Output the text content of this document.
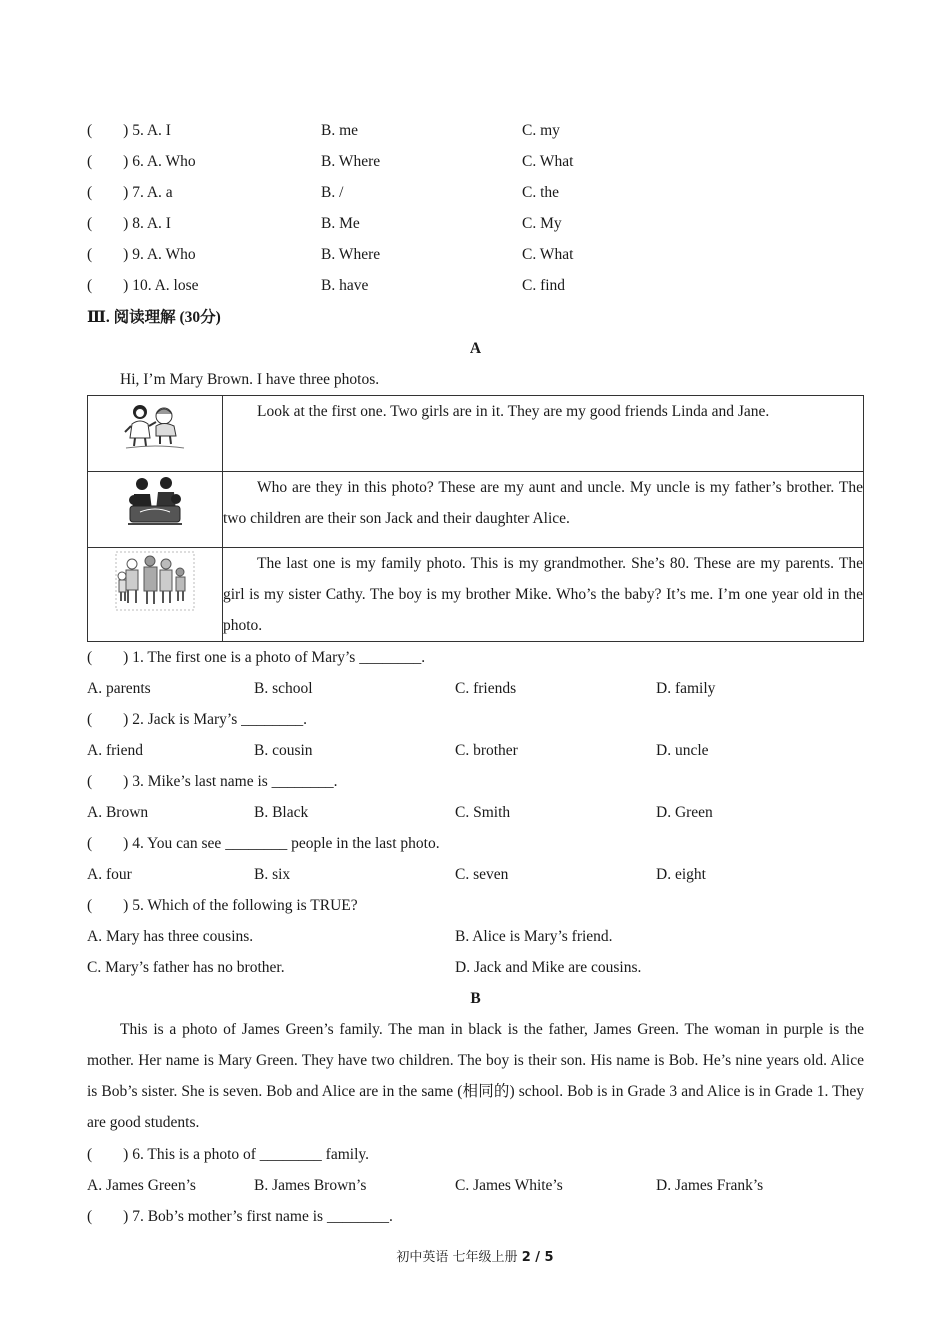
(　　) 5. A. I	B. me	C. my
(　　) 6. A. Who	B. Where	C. What
(　　) 7. A. a	B. /	C. the
(　　) 8. A. I	B. Me	C. My
(　　) 9. A. Who	B. Where	C. What
(　　) 10. A. lose	B. have	C. find
Ⅲ. 阅读理解 (30分)
A
Hi, I’m Mary Brown. I have three photos.
	Look at the first one. Two girls are in it. They are my good friends Linda and Jane.
	Who are they in this photo? These are my aunt and uncle. My uncle is my father’s brother. The two children are their son Jack and their daughter Alice.
	The last one is my family photo. This is my grandmother. She’s 80. These are my parents. The girl is my sister Cathy. The boy is my brother Mike. Who’s the baby? It’s me. I’m one year old in the photo.
(　　) 1. The first one is a photo of Mary’s ________.
A. parents	B. school	C. friends	D. family
(　　) 2. Jack is Mary’s ________.
A. friend	B. cousin	C. brother	D. uncle
(　　) 3. Mike’s last name is ________.
A. Brown	B. Black	C. Smith	D. Green
(　　) 4. You can see ________ people in the last photo.
A. four	B. six	C. seven	D. eight
(　　) 5. Which of the following is TRUE?
A. Mary has three cousins.	B. Alice is Mary’s friend.
C. Mary’s father has no brother.	D. Jack and Mike are cousins.
B
This is a photo of James Green’s family. The man in black is the father, James Green. The woman in purple is the mother. Her name is Mary Green. They have two children. The boy is their son. His name is Bob. He’s nine years old. Alice is Bob’s sister. She is seven. Bob and Alice are in the same (相同的) school. Bob is in Grade 3 and Alice is in Grade 1. They are good students.
(　　) 6. This is a photo of ________ family.
A. James Green’s	B. James Brown’s	C. James White’s	D. James Frank’s
(　　) 7. Bob’s mother’s first name is ________.
初中英语 七年级上册 2 / 5
